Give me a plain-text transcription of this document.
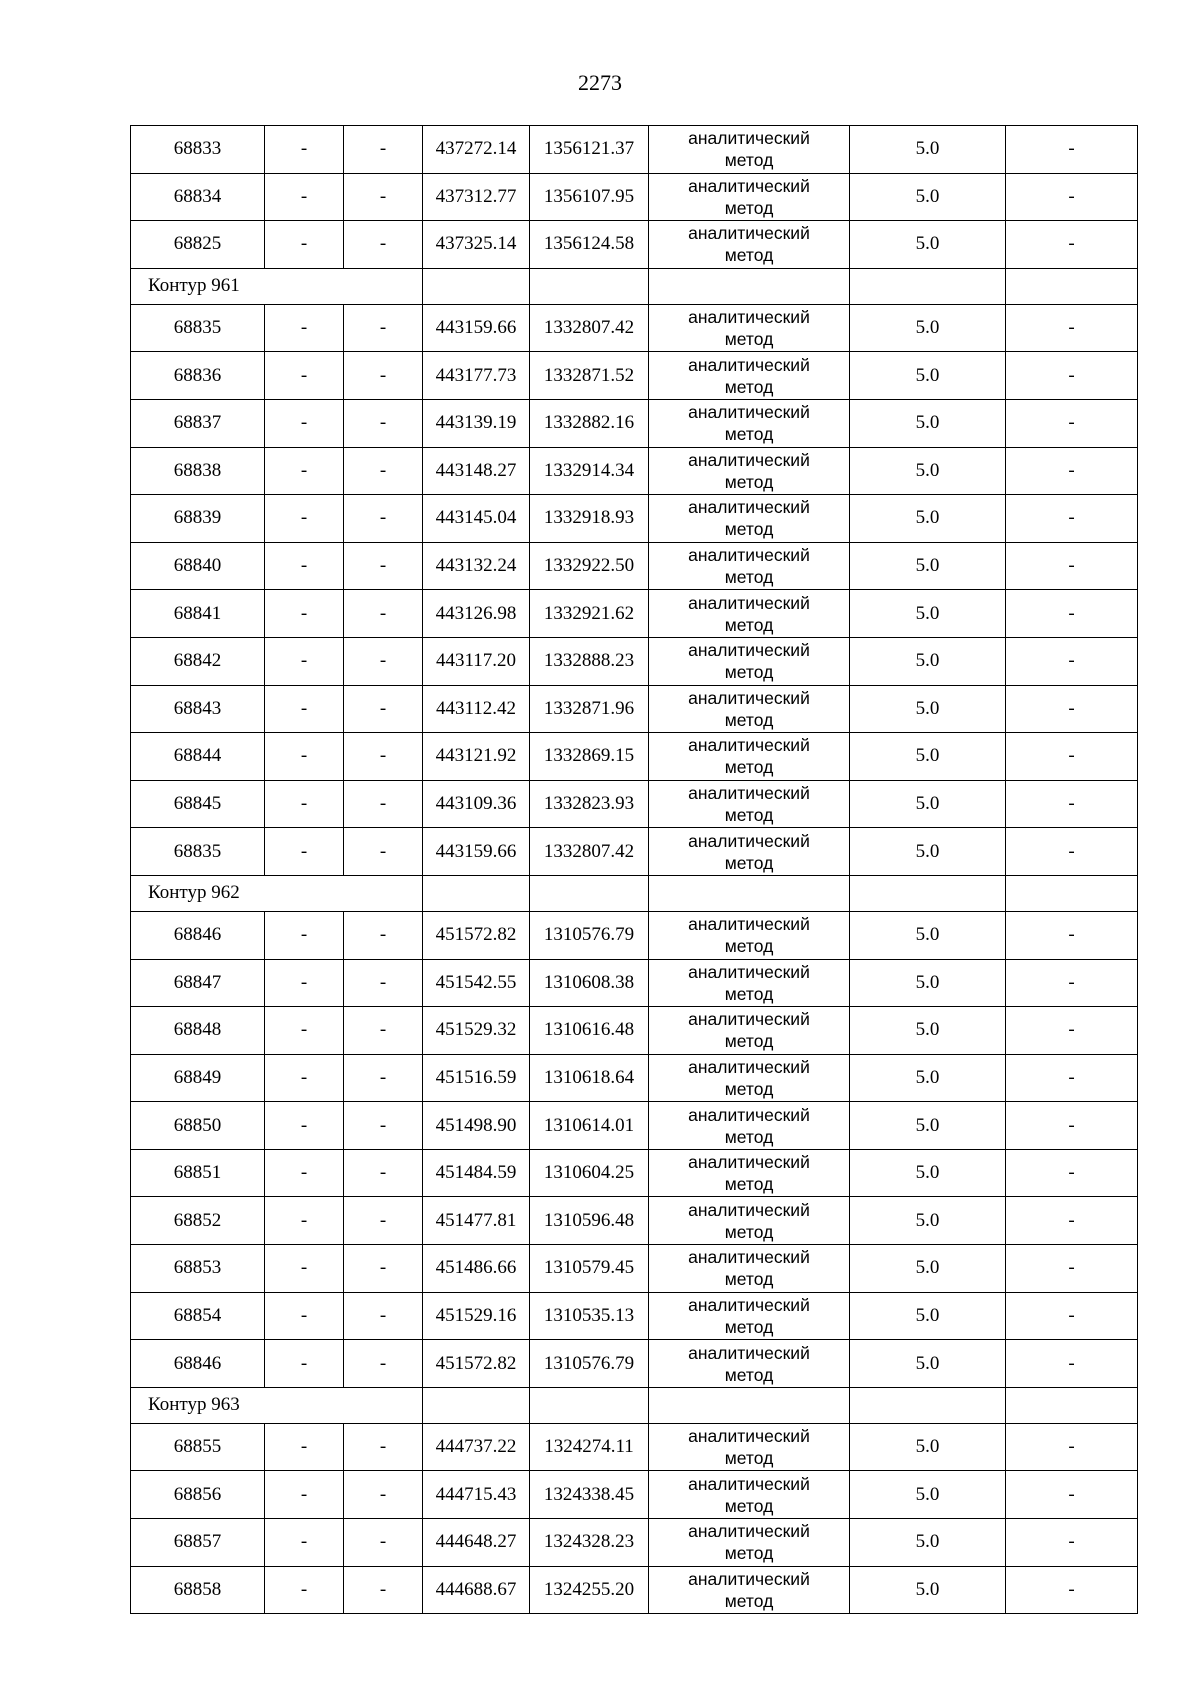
2273
68833	-	-	437272.14	1356121.37	аналитический
метод	5.0	-
68834	-	-	437312.77	1356107.95	аналитический
метод	5.0	-
68825	-	-	437325.14	1356124.58	аналитический
метод	5.0	-
Контур 961							
68835	-	-	443159.66	1332807.42	аналитический
метод	5.0	-
68836	-	-	443177.73	1332871.52	аналитический
метод	5.0	-
68837	-	-	443139.19	1332882.16	аналитический
метод	5.0	-
68838	-	-	443148.27	1332914.34	аналитический
метод	5.0	-
68839	-	-	443145.04	1332918.93	аналитический
метод	5.0	-
68840	-	-	443132.24	1332922.50	аналитический
метод	5.0	-
68841	-	-	443126.98	1332921.62	аналитический
метод	5.0	-
68842	-	-	443117.20	1332888.23	аналитический
метод	5.0	-
68843	-	-	443112.42	1332871.96	аналитический
метод	5.0	-
68844	-	-	443121.92	1332869.15	аналитический
метод	5.0	-
68845	-	-	443109.36	1332823.93	аналитический
метод	5.0	-
68835	-	-	443159.66	1332807.42	аналитический
метод	5.0	-
Контур 962							
68846	-	-	451572.82	1310576.79	аналитический
метод	5.0	-
68847	-	-	451542.55	1310608.38	аналитический
метод	5.0	-
68848	-	-	451529.32	1310616.48	аналитический
метод	5.0	-
68849	-	-	451516.59	1310618.64	аналитический
метод	5.0	-
68850	-	-	451498.90	1310614.01	аналитический
метод	5.0	-
68851	-	-	451484.59	1310604.25	аналитический
метод	5.0	-
68852	-	-	451477.81	1310596.48	аналитический
метод	5.0	-
68853	-	-	451486.66	1310579.45	аналитический
метод	5.0	-
68854	-	-	451529.16	1310535.13	аналитический
метод	5.0	-
68846	-	-	451572.82	1310576.79	аналитический
метод	5.0	-
Контур 963							
68855	-	-	444737.22	1324274.11	аналитический
метод	5.0	-
68856	-	-	444715.43	1324338.45	аналитический
метод	5.0	-
68857	-	-	444648.27	1324328.23	аналитический
метод	5.0	-
68858	-	-	444688.67	1324255.20	аналитический
метод	5.0	-
